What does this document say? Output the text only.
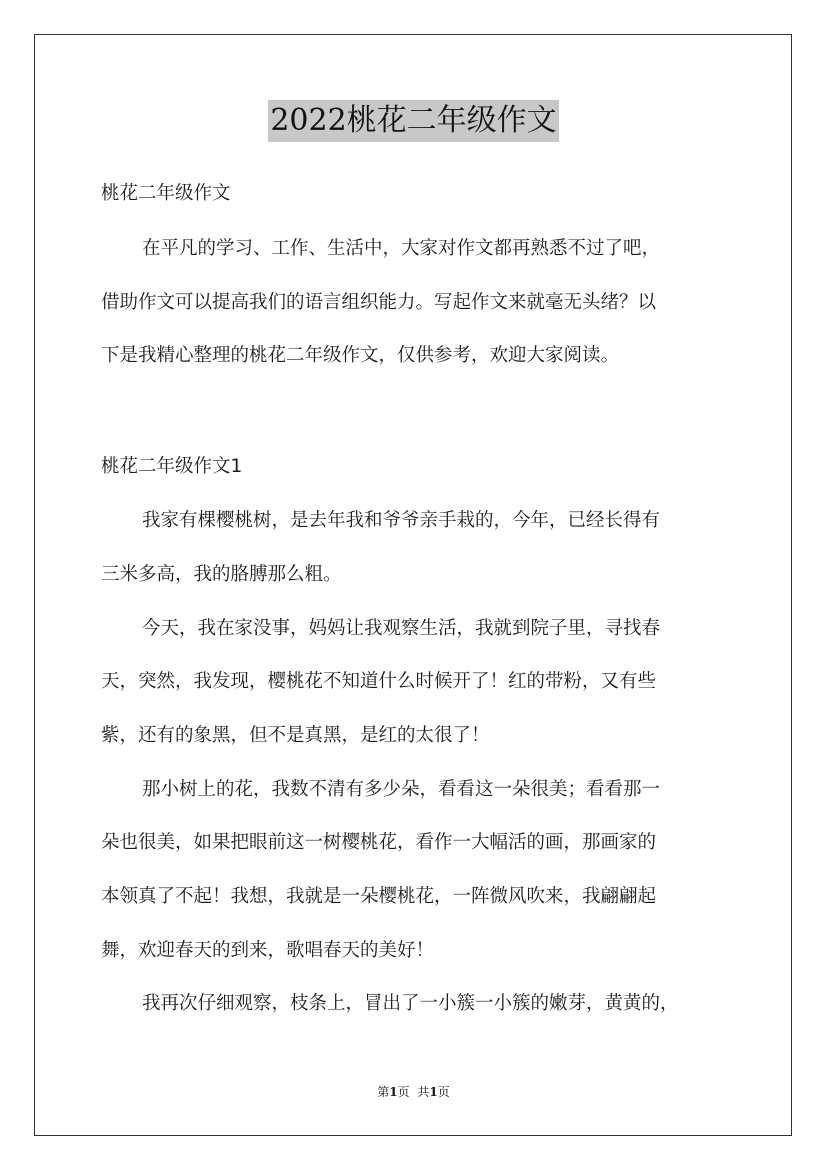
2022桃花二年级作文
桃花二年级作文
在平凡的学习、工作、生活中，大家对作文都再熟悉不过了吧，
借助作文可以提高我们的语言组织能力。写起作文来就毫无头绪？以
下是我精心整理的桃花二年级作文，仅供参考，欢迎大家阅读。
桃花二年级作文1
我家有棵樱桃树，是去年我和爷爷亲手栽的，今年，已经长得有
三米多高，我的胳膊那么粗。
今天，我在家没事，妈妈让我观察生活，我就到院子里，寻找春
天，突然，我发现，樱桃花不知道什么时候开了！红的带粉，又有些
紫，还有的象黑，但不是真黑，是红的太很了！
那小树上的花，我数不清有多少朵，看看这一朵很美；看看那一
朵也很美，如果把眼前这一树樱桃花，看作一大幅活的画，那画家的
本领真了不起！我想，我就是一朵樱桃花，一阵微风吹来，我翩翩起
舞，欢迎春天的到来，歌唱春天的美好！
我再次仔细观察，枝条上，冒出了一小簇一小簇的嫩芽，黄黄的，
第1页 共1页
